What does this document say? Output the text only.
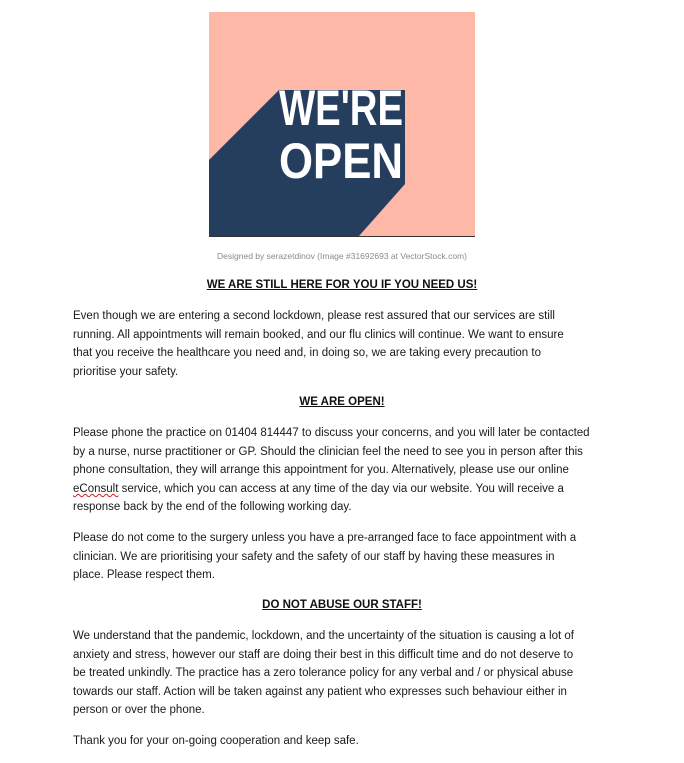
WE'RE
OPEN
Designed by serazetdinov (Image #31692693 at VectorStock.com)
WE ARE STILL HERE FOR YOU IF YOU NEED US!
Even though we are entering a second lockdown, please rest assured that our services are still
running. All appointments will remain booked, and our flu clinics will continue. We want to ensure
that you receive the healthcare you need and, in doing so, we are taking every precaution to
prioritise your safety.
WE ARE OPEN!
Please phone the practice on 01404 814447 to discuss your concerns, and you will later be contacted
by a nurse, nurse practitioner or GP. Should the clinician feel the need to see you in person after this
phone consultation, they will arrange this appointment for you. Alternatively, please use our online
eConsult service, which you can access at any time of the day via our website. You will receive a
response back by the end of the following working day.
Please do not come to the surgery unless you have a pre-arranged face to face appointment with a
clinician. We are prioritising your safety and the safety of our staff by having these measures in
place. Please respect them.
DO NOT ABUSE OUR STAFF!
We understand that the pandemic, lockdown, and the uncertainty of the situation is causing a lot of
anxiety and stress, however our staff are doing their best in this difficult time and do not deserve to
be treated unkindly. The practice has a zero tolerance policy for any verbal and / or physical abuse
towards our staff. Action will be taken against any patient who expresses such behaviour either in
person or over the phone.
Thank you for your on-going cooperation and keep safe.
